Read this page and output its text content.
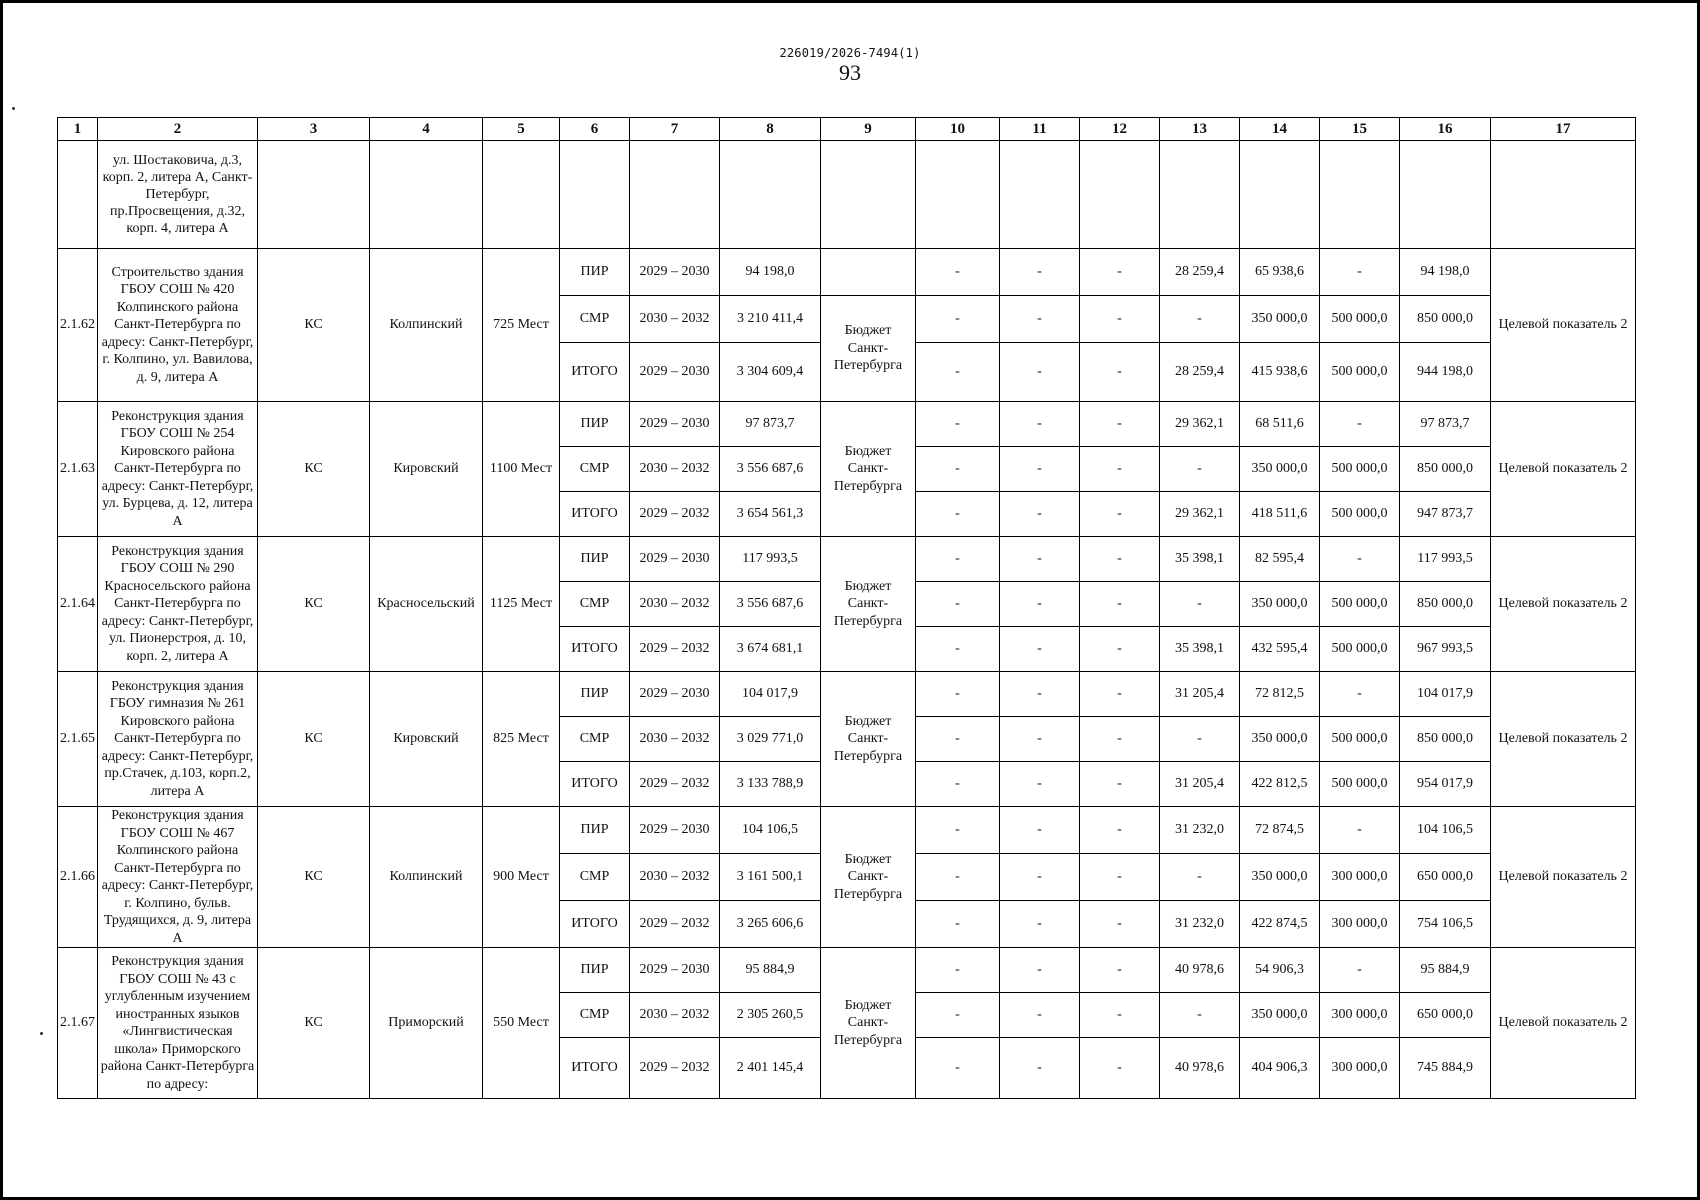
226019/2026-7494(1)
93
1	2	3	4	5	6	7	8	9	10	11	12	13	14	15	16	17
	ул. Шостаковича, д.3, корп. 2, литера А, Санкт-Петербург, пр.Просвещения, д.32, корп. 4, литера А															
2.1.62	Строительство здания ГБОУ СОШ № 420 Колпинского района Санкт-Петербурга по адресу: Санкт-Петербург, г. Колпино, ул. Вавилова, д. 9, литера А	КС	Колпинский	725 Мест	ПИР	2029 – 2030	94 198,0		-	-	-	28 259,4	65 938,6	-	94 198,0	Целевой показатель 2
					СМР	2030 – 2032	3 210 411,4	Бюджет Санкт-Петербурга	-	-	-	-	350 000,0	500 000,0	850 000,0	
					ИТОГО	2029 – 2030	3 304 609,4		-	-	-	28 259,4	415 938,6	500 000,0	944 198,0	
2.1.63	Реконструкция здания ГБОУ СОШ № 254 Кировского района Санкт-Петербурга по адресу: Санкт-Петербург, ул. Бурцева, д. 12, литера А	КС	Кировский	1100 Мест	ПИР	2029 – 2030	97 873,7	Бюджет Санкт-Петербурга	-	-	-	29 362,1	68 511,6	-	97 873,7	Целевой показатель 2
					СМР	2030 – 2032	3 556 687,6		-	-	-	-	350 000,0	500 000,0	850 000,0	
					ИТОГО	2029 – 2032	3 654 561,3		-	-	-	29 362,1	418 511,6	500 000,0	947 873,7	
2.1.64	Реконструкция здания ГБОУ СОШ № 290 Красносельского района Санкт-Петербурга по адресу: Санкт-Петербург, ул. Пионерстроя, д. 10, корп. 2, литера А	КС	Красносельский	1125 Мест	ПИР	2029 – 2030	117 993,5	Бюджет Санкт-Петербурга	-	-	-	35 398,1	82 595,4	-	117 993,5	Целевой показатель 2
					СМР	2030 – 2032	3 556 687,6		-	-	-	-	350 000,0	500 000,0	850 000,0	
					ИТОГО	2029 – 2032	3 674 681,1		-	-	-	35 398,1	432 595,4	500 000,0	967 993,5	
2.1.65	Реконструкция здания ГБОУ гимназия № 261 Кировского района Санкт-Петербурга по адресу: Санкт-Петербург, пр.Стачек, д.103, корп.2, литера А	КС	Кировский	825 Мест	ПИР	2029 – 2030	104 017,9	Бюджет Санкт-Петербурга	-	-	-	31 205,4	72 812,5	-	104 017,9	Целевой показатель 2
					СМР	2030 – 2032	3 029 771,0		-	-	-	-	350 000,0	500 000,0	850 000,0	
					ИТОГО	2029 – 2032	3 133 788,9		-	-	-	31 205,4	422 812,5	500 000,0	954 017,9	
2.1.66	Реконструкция здания ГБОУ СОШ № 467 Колпинского района Санкт-Петербурга по адресу: Санкт-Петербург, г. Колпино, бульв. Трудящихся, д. 9, литера А	КС	Колпинский	900 Мест	ПИР	2029 – 2030	104 106,5	Бюджет Санкт-Петербурга	-	-	-	31 232,0	72 874,5	-	104 106,5	Целевой показатель 2
					СМР	2030 – 2032	3 161 500,1		-	-	-	-	350 000,0	300 000,0	650 000,0	
					ИТОГО	2029 – 2032	3 265 606,6		-	-	-	31 232,0	422 874,5	300 000,0	754 106,5	
2.1.67	Реконструкция здания ГБОУ СОШ № 43 с углубленным изучением иностранных языков «Лингвистическая школа» Приморского района Санкт-Петербурга по адресу:	КС	Приморский	550 Мест	ПИР	2029 – 2030	95 884,9	Бюджет Санкт-Петербурга	-	-	-	40 978,6	54 906,3	-	95 884,9	Целевой показатель 2
					СМР	2030 – 2032	2 305 260,5		-	-	-	-	350 000,0	300 000,0	650 000,0	
					ИТОГО	2029 – 2032	2 401 145,4		-	-	-	40 978,6	404 906,3	300 000,0	745 884,9	
